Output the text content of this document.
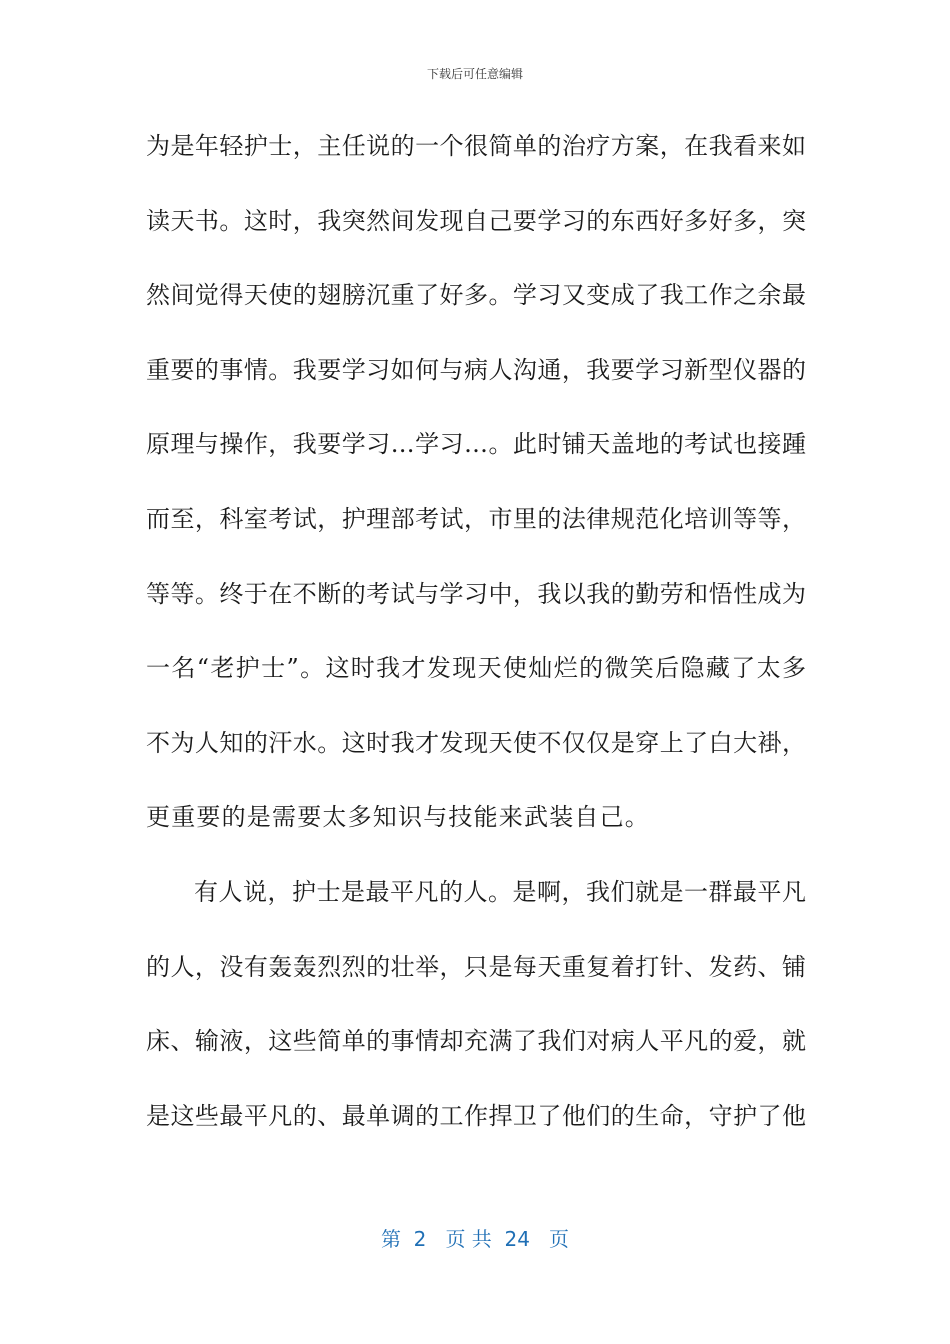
下载后可任意编辑
为是年轻护士，主任说的一个很简单的治疗方案，在我看来如
读天书。这时，我突然间发现自己要学习的东西好多好多，突
然间觉得天使的翅膀沉重了好多。学习又变成了我工作之余最
重要的事情。我要学习如何与病人沟通，我要学习新型仪器的
原理与操作，我要学习…学习…。此时铺天盖地的考试也接踵
而至，科室考试，护理部考试，市里的法律规范化培训等等，
等等。终于在不断的考试与学习中，我以我的勤劳和悟性成为
一名“老护士”。这时我才发现天使灿烂的微笑后隐藏了太多
不为人知的汗水。这时我才发现天使不仅仅是穿上了白大褂，
更重要的是需要太多知识与技能来武装自己。
有人说，护士是最平凡的人。是啊，我们就是一群最平凡
的人，没有轰轰烈烈的壮举，只是每天重复着打针、发药、铺
床、输液，这些简单的事情却充满了我们对病人平凡的爱，就
是这些最平凡的、最单调的工作捍卫了他们的生命，守护了他
第  2   页 共  24   页
